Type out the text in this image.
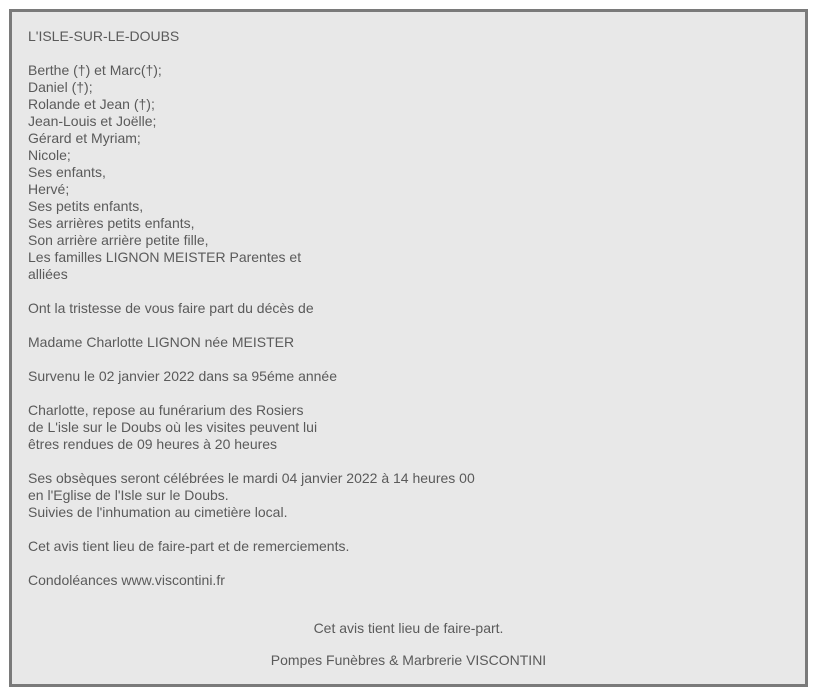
L'ISLE-SUR-LE-DOUBS
Berthe (†) et Marc(†);
Daniel (†);
Rolande et Jean (†);
Jean-Louis et Joëlle;
Gérard et Myriam;
Nicole;
Ses enfants,
Hervé;
Ses petits enfants,
Ses arrières petits enfants,
Son arrière arrière petite fille,
Les familles LIGNON MEISTER Parentes et
alliées
Ont la tristesse de vous faire part du décès de
Madame Charlotte LIGNON née MEISTER
Survenu le 02 janvier 2022 dans sa 95éme année
Charlotte, repose au funérarium des Rosiers
de L'isle sur le Doubs où les visites peuvent lui
êtres rendues de 09 heures à 20 heures
Ses obsèques seront célébrées le mardi 04 janvier 2022 à 14 heures 00
en l'Eglise de l'Isle sur le Doubs.
Suivies de l'inhumation au cimetière local.
Cet avis tient lieu de faire-part et de remerciements.
Condoléances www.viscontini.fr
Cet avis tient lieu de faire-part.
Pompes Funèbres & Marbrerie VISCONTINI
